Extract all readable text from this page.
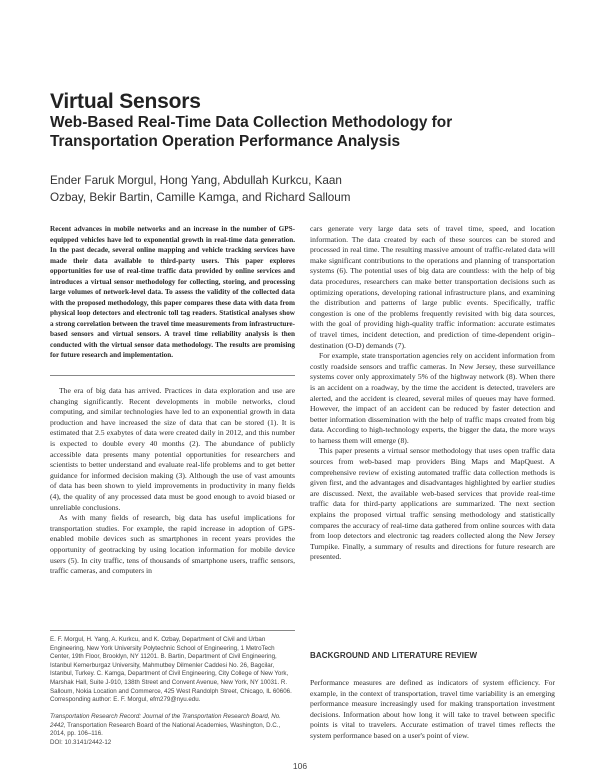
Virtual Sensors
Web-Based Real-Time Data Collection Methodology for Transportation Operation Performance Analysis
Ender Faruk Morgul, Hong Yang, Abdullah Kurkcu, Kaan Ozbay, Bekir Bartin, Camille Kamga, and Richard Salloum
Recent advances in mobile networks and an increase in the number of GPS-equipped vehicles have led to exponential growth in real-time data generation. In the past decade, several online mapping and vehicle tracking services have made their data available to third-party users. This paper explores opportunities for use of real-time traffic data provided by online services and introduces a virtual sensor methodology for collecting, storing, and processing large volumes of network-level data. To assess the validity of the collected data with the proposed methodology, this paper compares these data with data from physical loop detectors and electronic toll tag readers. Statistical analyses show a strong correlation between the travel time measurements from infrastructure-based sensors and virtual sensors. A travel time reliability analysis is then conducted with the virtual sensor data methodology. The results are promising for future research and implementation.

The era of big data has arrived. Practices in data exploration and use are changing significantly. Recent developments in mobile networks, cloud computing, and similar technologies have led to an exponential growth in data production and have increased the size of data that can be stored (1). It is estimated that 2.5 exabytes of data were created daily in 2012, and this number is expected to double every 40 months (2). The abundance of publicly accessible data presents many potential opportunities for researchers and scientists to better understand and evaluate real-life problems and to get better guidance for informed decision making (3). Although the use of vast amounts of data has been shown to yield improvements in productivity in many fields (4), the quality of any processed data must be good enough to avoid biased or unreliable conclusions.

As with many fields of research, big data has useful implications for transportation studies. For example, the rapid increase in adoption of GPS-enabled mobile devices such as smartphones in recent years provides the opportunity of geotracking by using location information for mobile device users (5). In city traffic, tens of thousands of smartphone users, traffic sensors, traffic cameras, and computers in

E. F. Morgul, H. Yang, A. Kurkcu, and K. Ozbay, Department of Civil and Urban Engineering, New York University Polytechnic School of Engineering, 1 MetroTech Center, 19th Floor, Brooklyn, NY 11201. B. Bartin, Department of Civil Engineering, Istanbul Kemerburgaz University, Mahmutbey Dilmenler Caddesi No. 26, Bagcilar, Istanbul, Turkey. C. Kamga, Department of Civil Engineering, City College of New York, Marshak Hall, Suite J-910, 138th Street and Convent Avenue, New York, NY 10031. R. Salloum, Nokia Location and Commerce, 425 West Randolph Street, Chicago, IL 60606. Corresponding author: E. F. Morgul, efm279@nyu.edu.
Transportation Research Record: Journal of the Transportation Research Board, No. 2442, Transportation Research Board of the National Academies, Washington, D.C., 2014, pp. 106–116.
DOI: 10.3141/2442-12

cars generate very large data sets of travel time, speed, and location information. The data created by each of these sources can be stored and processed in real time. The resulting massive amount of traffic-related data will make significant contributions to the operations and planning of transportation systems (6). The potential uses of big data are countless: with the help of big data procedures, researchers can make better transportation decisions such as optimizing operations, developing rational infrastructure plans, and examining the distribution and patterns of large public events. Specifically, traffic congestion is one of the problems frequently revisited with big data sources, with the goal of providing high-quality traffic information: accurate estimates of travel times, incident detection, and prediction of time-dependent origin–destination (O-D) demands (7).

For example, state transportation agencies rely on accident information from costly roadside sensors and traffic cameras. In New Jersey, these surveillance systems cover only approximately 5% of the highway network (8). When there is an accident on a roadway, by the time the accident is detected, travelers are alerted, and the accident is cleared, several miles of queues may have formed. However, the impact of an accident can be reduced by faster detection and better information dissemination with the help of traffic maps created from big data. According to high-technology experts, the bigger the data, the more ways to harness them will emerge (8).

This paper presents a virtual sensor methodology that uses open traffic data sources from web-based map providers Bing Maps and MapQuest. A comprehensive review of existing automated traffic data collection methods is given first, and the advantages and disadvantages highlighted by earlier studies are discussed. Next, the available web-based services that provide real-time traffic data for third-party applications are summarized. The next section explains the proposed virtual traffic sensing methodology and statistically compares the accuracy of real-time data gathered from online sources with data from loop detectors and electronic tag readers collected along the New Jersey Turnpike. Finally, a summary of results and directions for future research are presented.

BACKGROUND AND LITERATURE REVIEW

Performance measures are defined as indicators of system efficiency. For example, in the context of transportation, travel time variability is an emerging performance measure increasingly used for making transportation investment decisions. Information about how long it will take to travel between specific points is vital to travelers. Accurate estimation of travel times reflects the system performance based on a user's point of view.

106
